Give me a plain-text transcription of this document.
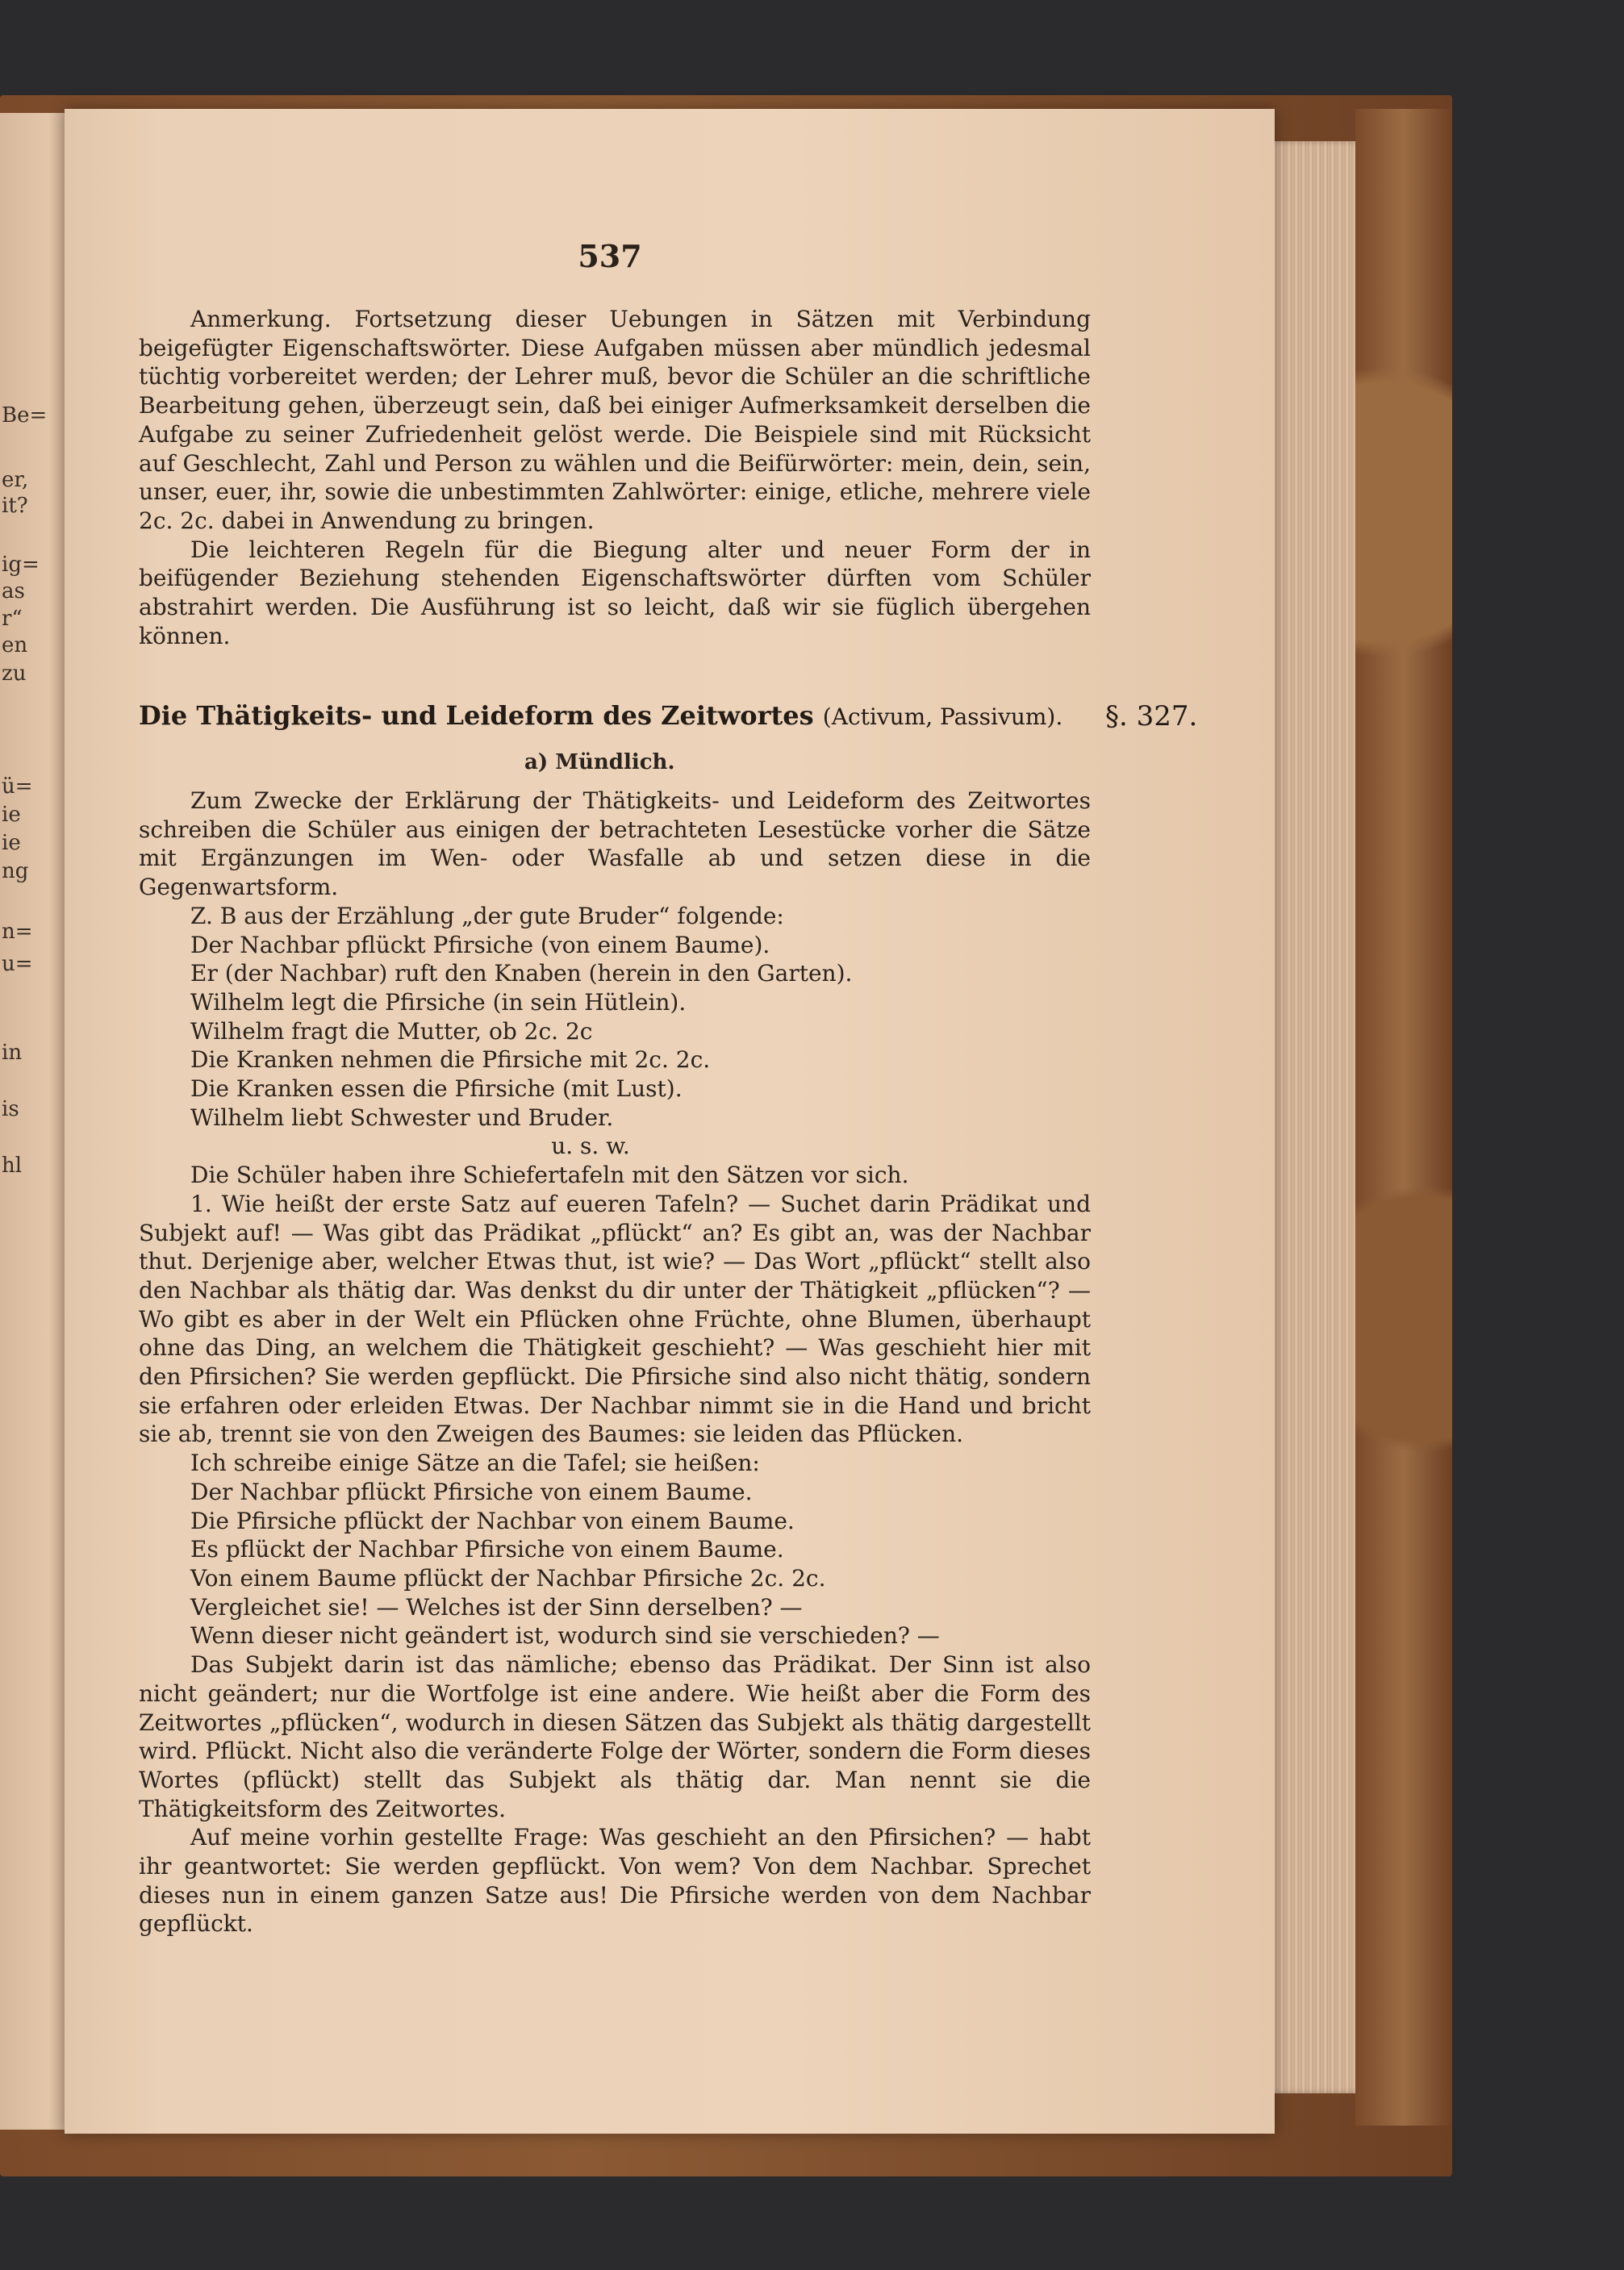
Be=
er,
it?
ig=
as
r“
en
zu
ü=
ie
ie
ng
n=
u=
in
is
hl
537

Anmerkung. Fortsetzung dieser Uebungen in Sätzen mit Verbindung beigefügter Eigenschaftswörter. Diese Aufgaben müssen aber mündlich jedesmal tüchtig vorbereitet werden; der Lehrer muß, bevor die Schüler an die schriftliche Bearbeitung gehen, überzeugt sein, daß bei einiger Aufmerksamkeit derselben die Aufgabe zu seiner Zufriedenheit gelöst werde. Die Beispiele sind mit Rücksicht auf Geschlecht, Zahl und Person zu wählen und die Beifürwörter: mein, dein, sein, unser, euer, ihr, sowie die unbestimmten Zahlwörter: einige, etliche, mehrere viele 2c. 2c. dabei in Anwendung zu bringen.

Die leichteren Regeln für die Biegung alter und neuer Form der in beifügender Beziehung stehenden Eigenschaftswörter dürften vom Schüler abstrahirt werden. Die Ausführung ist so leicht, daß wir sie füglich übergehen können.

Die Thätigkeits- und Leideform des Zeitwortes (Activum, Passivum). §. 327.
a) Mündlich.

Zum Zwecke der Erklärung der Thätigkeits- und Leideform des Zeitwortes schreiben die Schüler aus einigen der betrachteten Lesestücke vorher die Sätze mit Ergänzungen im Wen- oder Wasfalle ab und setzen diese in die Gegenwartsform.

Z. B aus der Erzählung „der gute Bruder“ folgende:
Der Nachbar pflückt Pfirsiche (von einem Baume).
Er (der Nachbar) ruft den Knaben (herein in den Garten).
Wilhelm legt die Pfirsiche (in sein Hütlein).
Wilhelm fragt die Mutter, ob 2c. 2c
Die Kranken nehmen die Pfirsiche mit 2c. 2c.
Die Kranken essen die Pfirsiche (mit Lust).
Wilhelm liebt Schwester und Bruder.
u. s. w.

Die Schüler haben ihre Schiefertafeln mit den Sätzen vor sich.

1. Wie heißt der erste Satz auf eueren Tafeln? — Suchet darin Prädikat und Subjekt auf! — Was gibt das Prädikat „pflückt“ an? Es gibt an, was der Nachbar thut. Derjenige aber, welcher Etwas thut, ist wie? — Das Wort „pflückt“ stellt also den Nachbar als thätig dar. Was denkst du dir unter der Thätigkeit „pflücken“? — Wo gibt es aber in der Welt ein Pflücken ohne Früchte, ohne Blumen, überhaupt ohne das Ding, an welchem die Thätigkeit geschieht? — Was geschieht hier mit den Pfirsichen? Sie werden gepflückt. Die Pfirsiche sind also nicht thätig, sondern sie erfahren oder erleiden Etwas. Der Nachbar nimmt sie in die Hand und bricht sie ab, trennt sie von den Zweigen des Baumes: sie leiden das Pflücken.

Ich schreibe einige Sätze an die Tafel; sie heißen:
Der Nachbar pflückt Pfirsiche von einem Baume.
Die Pfirsiche pflückt der Nachbar von einem Baume.
Es pflückt der Nachbar Pfirsiche von einem Baume.
Von einem Baume pflückt der Nachbar Pfirsiche 2c. 2c.
Vergleichet sie! — Welches ist der Sinn derselben? —
Wenn dieser nicht geändert ist, wodurch sind sie verschieden? —

Das Subjekt darin ist das nämliche; ebenso das Prädikat. Der Sinn ist also nicht geändert; nur die Wortfolge ist eine andere. Wie heißt aber die Form des Zeitwortes „pflücken“, wodurch in diesen Sätzen das Subjekt als thätig dargestellt wird. Pflückt. Nicht also die veränderte Folge der Wörter, sondern die Form dieses Wortes (pflückt) stellt das Subjekt als thätig dar. Man nennt sie die Thätigkeitsform des Zeitwortes.

Auf meine vorhin gestellte Frage: Was geschieht an den Pfirsichen? — habt ihr geantwortet: Sie werden gepflückt. Von wem? Von dem Nachbar. Sprechet dieses nun in einem ganzen Satze aus! Die Pfirsiche werden von dem Nachbar gepflückt.
